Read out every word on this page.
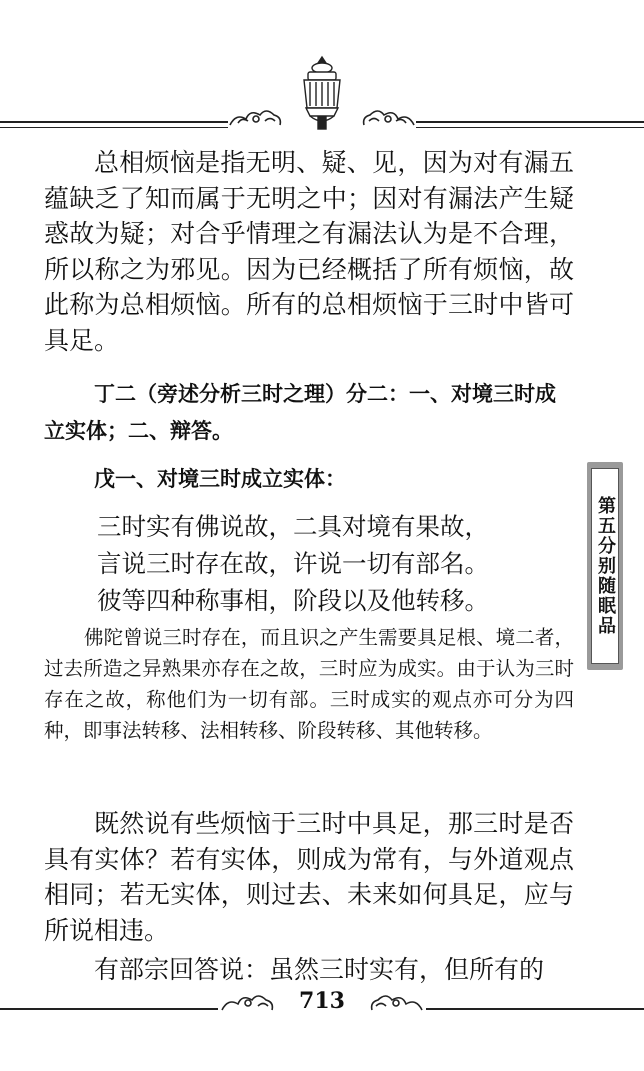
总相烦恼是指无明、疑、见，因为对有漏五蕴缺乏了知而属于无明之中；因对有漏法产生疑惑故为疑；对合乎情理之有漏法认为是不合理，所以称之为邪见。因为已经概括了所有烦恼，故此称为总相烦恼。所有的总相烦恼于三时中皆可具足。

丁二（旁述分析三时之理）分二：一、对境三时成立实体；二、辩答。

戊一、对境三时成立实体：

三时实有佛说故，二具对境有果故，
言说三时存在故，许说一切有部名。
彼等四种称事相，阶段以及他转移。

佛陀曾说三时存在，而且识之产生需要具足根、境二者，过去所造之异熟果亦存在之故，三时应为成实。由于认为三时存在之故，称他们为一切有部。三时成实的观点亦可分为四种，即事法转移、法相转移、阶段转移、其他转移。

既然说有些烦恼于三时中具足，那三时是否具有实体？若有实体，则成为常有，与外道观点相同；若无实体，则过去、未来如何具足，应与所说相违。

有部宗回答说：虽然三时实有，但所有的

第五分别随眠品
713
